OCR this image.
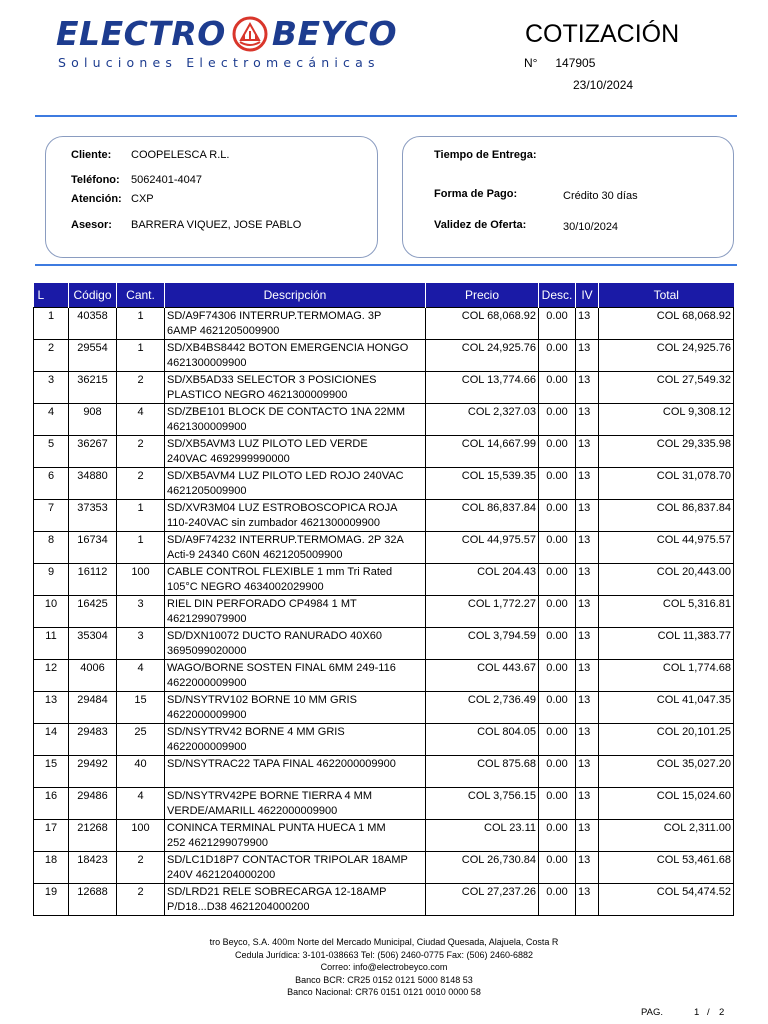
ELECTRO BEYCO
Soluciones Electromecánicas
COTIZACIÓN
N° 147905
23/10/2024
Cliente: COOPELESCA R.L.
Teléfono: 5062401-4047
Atención: CXP
Asesor: BARRERA VIQUEZ, JOSE PABLO
Tiempo de Entrega:
Forma de Pago:	Crédito 30 días
Validez de Oferta:	30/10/2024
L	Código	Cant.	Descripción	Precio	Desc.	IV	Total
1	40358	1	SD/A9F74306 INTERRUP.TERMOMAG. 3P
6AMP 4621205009900	COL 68,068.92	0.00	13	COL 68,068.92
2	29554	1	SD/XB4BS8442 BOTON EMERGENCIA HONGO
4621300009900	COL 24,925.76	0.00	13	COL 24,925.76
3	36215	2	SD/XB5AD33 SELECTOR 3 POSICIONES
PLASTICO NEGRO 4621300009900	COL 13,774.66	0.00	13	COL 27,549.32
4	908	4	SD/ZBE101 BLOCK DE CONTACTO 1NA 22MM
4621300009900	COL 2,327.03	0.00	13	COL 9,308.12
5	36267	2	SD/XB5AVM3 LUZ PILOTO LED VERDE
240VAC 4692999990000	COL 14,667.99	0.00	13	COL 29,335.98
6	34880	2	SD/XB5AVM4 LUZ PILOTO LED ROJO 240VAC
4621205009900	COL 15,539.35	0.00	13	COL 31,078.70
7	37353	1	SD/XVR3M04 LUZ ESTROBOSCOPICA ROJA
110-240VAC sin zumbador 4621300009900	COL 86,837.84	0.00	13	COL 86,837.84
8	16734	1	SD/A9F74232 INTERRUP.TERMOMAG. 2P 32A
Acti-9 24340 C60N 4621205009900	COL 44,975.57	0.00	13	COL 44,975.57
9	16112	100	CABLE CONTROL FLEXIBLE 1 mm Tri Rated
105°C NEGRO 4634002029900	COL 204.43	0.00	13	COL 20,443.00
10	16425	3	RIEL DIN PERFORADO CP4984 1 MT
4621299079900	COL 1,772.27	0.00	13	COL 5,316.81
11	35304	3	SD/DXN10072 DUCTO RANURADO 40X60
3695099020000	COL 3,794.59	0.00	13	COL 11,383.77
12	4006	4	WAGO/BORNE SOSTEN FINAL 6MM 249-116
4622000009900	COL 443.67	0.00	13	COL 1,774.68
13	29484	15	SD/NSYTRV102 BORNE 10 MM GRIS
4622000009900	COL 2,736.49	0.00	13	COL 41,047.35
14	29483	25	SD/NSYTRV42 BORNE 4 MM GRIS
4622000009900	COL 804.05	0.00	13	COL 20,101.25
15	29492	40	SD/NSYTRAC22 TAPA FINAL 4622000009900	COL 875.68	0.00	13	COL 35,027.20
16	29486	4	SD/NSYTRV42PE BORNE TIERRA 4 MM
VERDE/AMARILL 4622000009900	COL 3,756.15	0.00	13	COL 15,024.60
17	21268	100	CONINCA TERMINAL PUNTA HUECA 1 MM
252 4621299079900	COL 23.11	0.00	13	COL 2,311.00
18	18423	2	SD/LC1D18P7 CONTACTOR TRIPOLAR 18AMP
240V 4621204000200	COL 26,730.84	0.00	13	COL 53,461.68
19	12688	2	SD/LRD21 RELE SOBRECARGA 12-18AMP
P/D18...D38 4621204000200	COL 27,237.26	0.00	13	COL 54,474.52
tro Beyco, S.A. 400m Norte del Mercado Municipal, Ciudad Quesada, Alajuela, Costa R
Cedula Jurídica: 3-101-038663 Tel: (506) 2460-0775 Fax: (506) 2460-6882
Correo: info@electrobeyco.com
Banco BCR: CR25 0152 0121 5000 8148 53
Banco Nacional: CR76 0151 0121 0010 0000 58
PAG.	1 / 2
